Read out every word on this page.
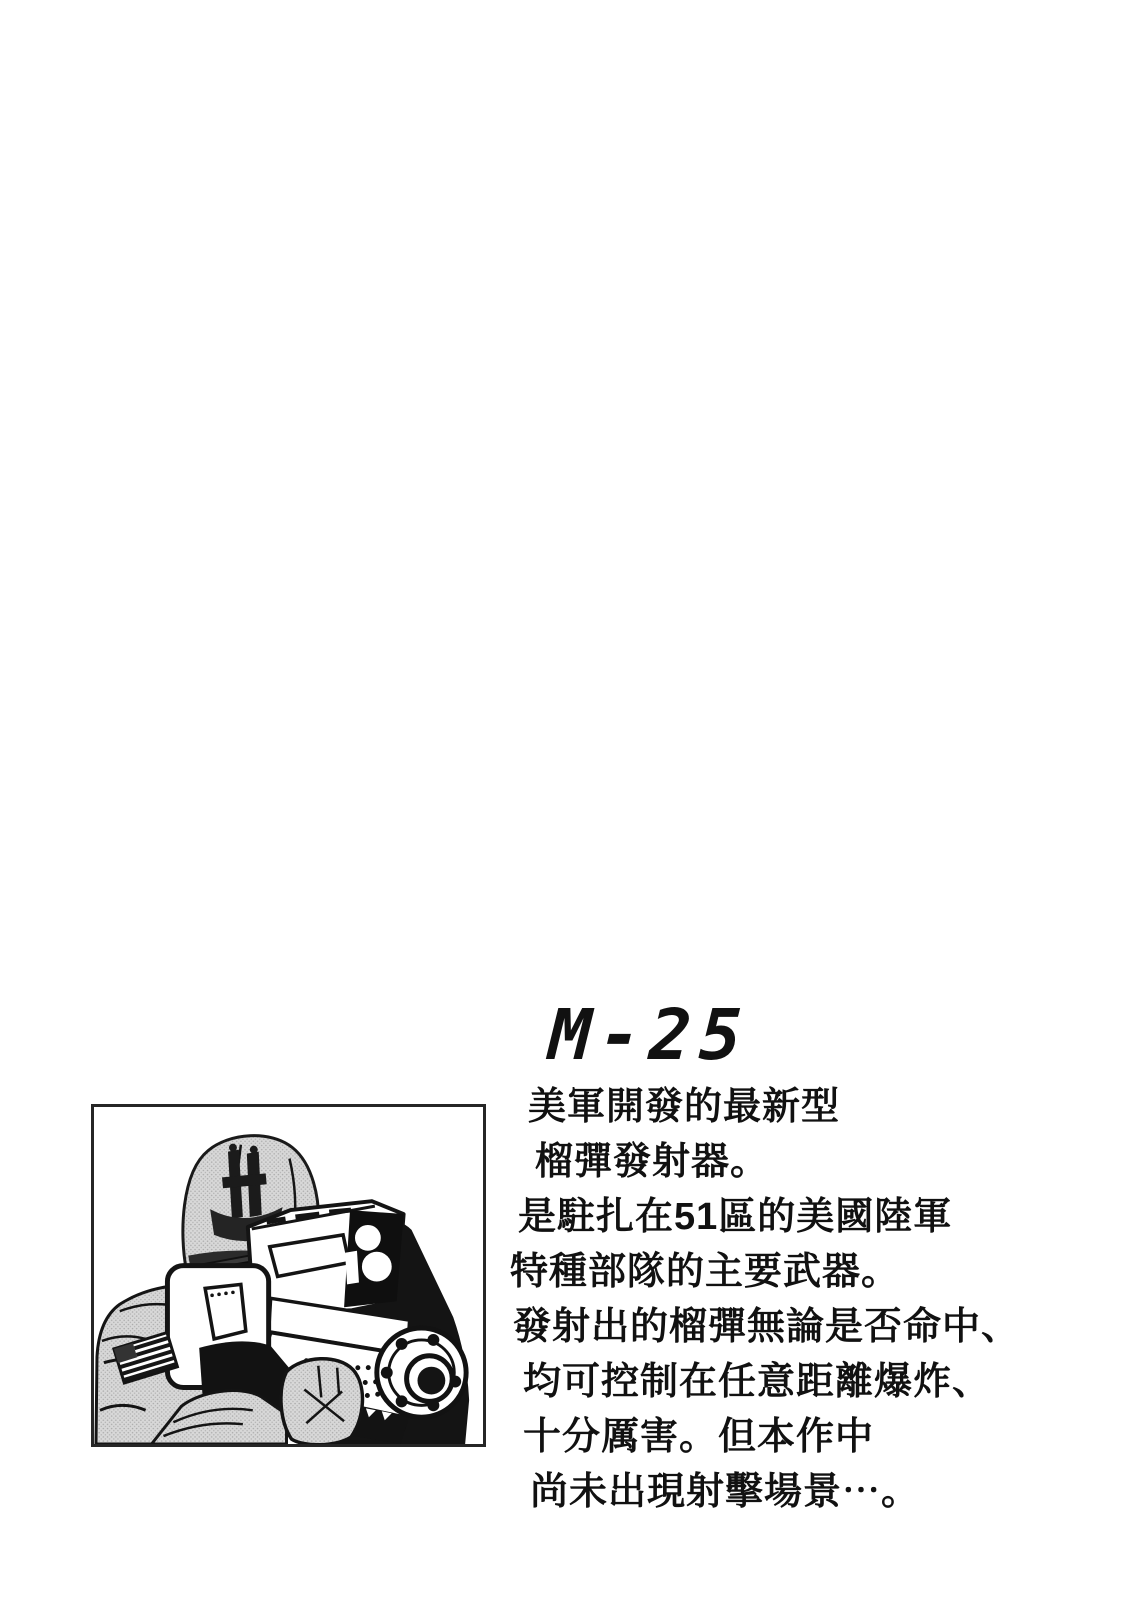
M-25
美軍開發的最新型
榴彈發射器。
是駐扎在51區的美國陸軍
特種部隊的主要武器。
發射出的榴彈無論是否命中、
均可控制在任意距離爆炸、
十分厲害。但本作中
尚未出現射擊場景⋯。
